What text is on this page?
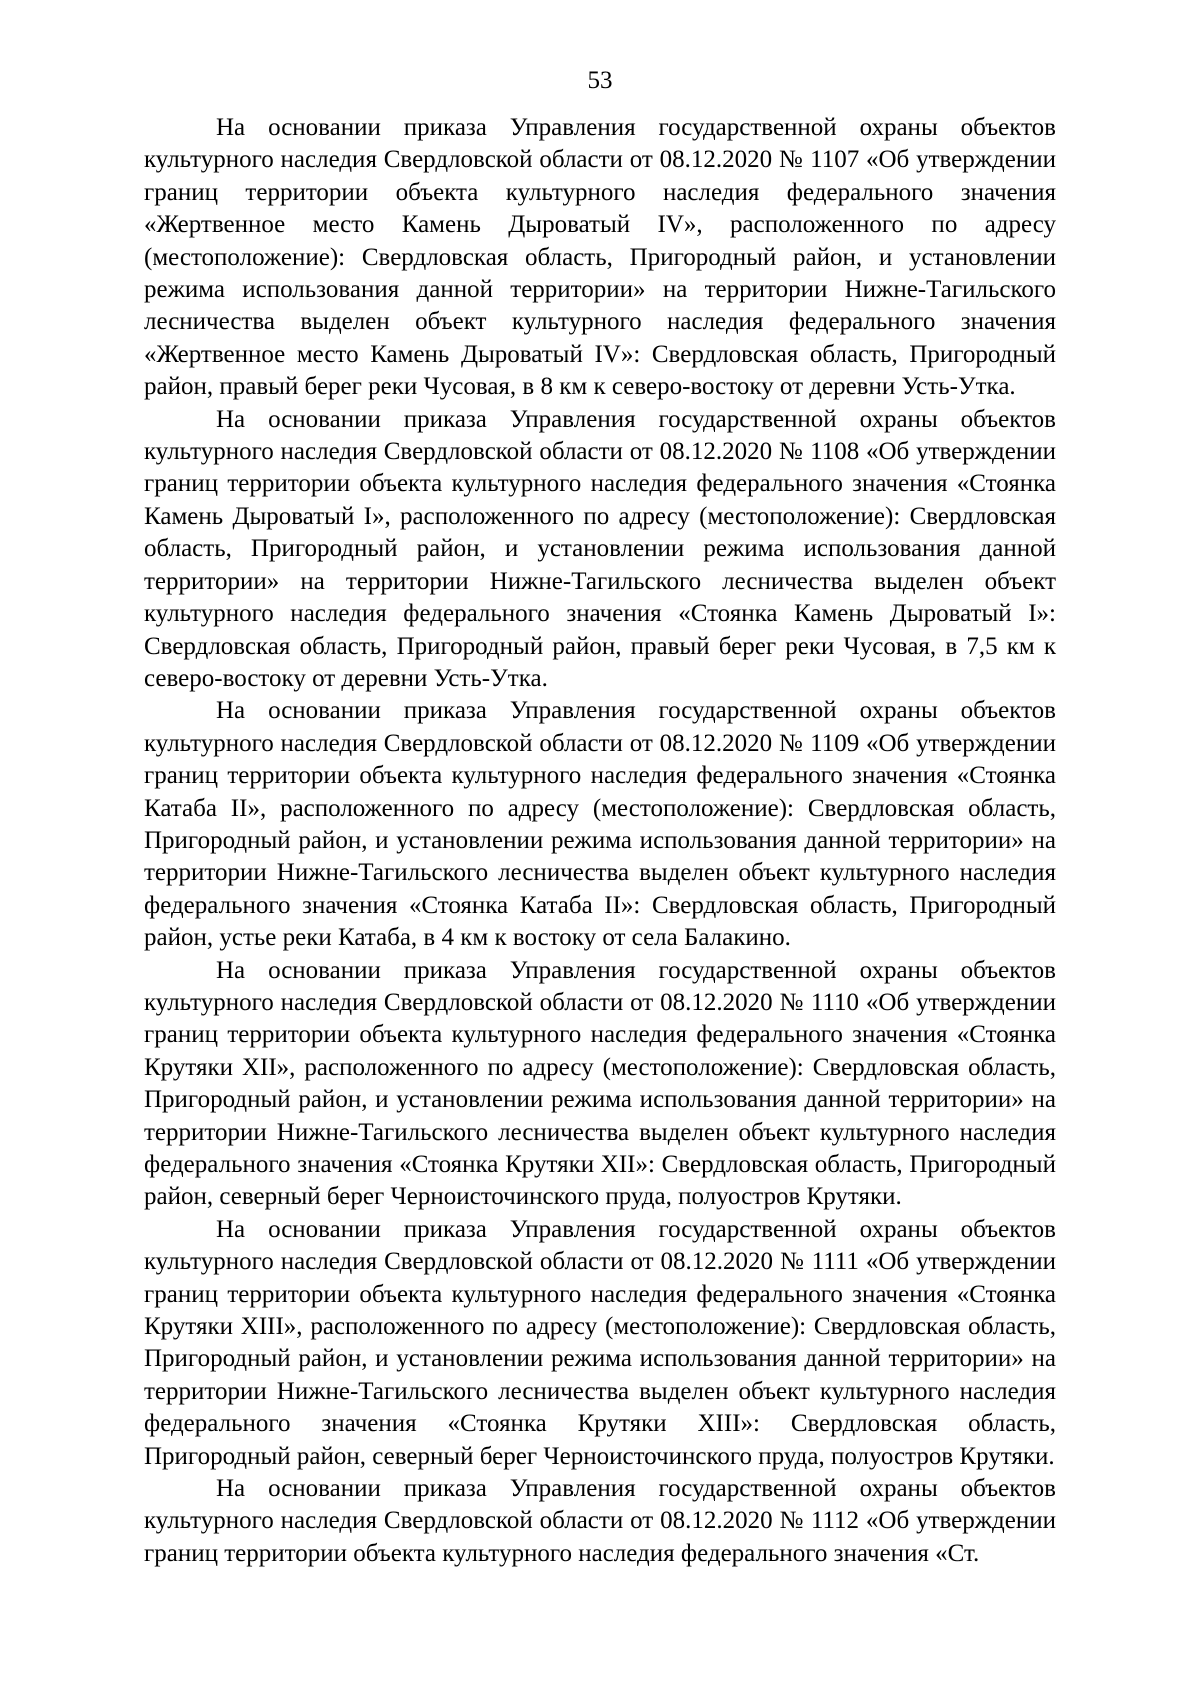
53

На основании приказа Управления государственной охраны объектов культурного наследия Свердловской области от 08.12.2020 № 1107 «Об утверждении границ территории объекта культурного наследия федерального значения «Жертвенное место Камень Дыроватый IV», расположенного по адресу (местоположение): Свердловская область, Пригородный район, и установлении режима использования данной территории» на территории Нижне-Тагильского лесничества выделен объект культурного наследия федерального значения «Жертвенное место Камень Дыроватый IV»: Свердловская область, Пригородный район, правый берег реки Чусовая, в 8 км к северо-востоку от деревни Усть-Утка.

На основании приказа Управления государственной охраны объектов культурного наследия Свердловской области от 08.12.2020 № 1108 «Об утверждении границ территории объекта культурного наследия федерального значения «Стоянка Камень Дыроватый I», расположенного по адресу (местоположение): Свердловская область, Пригородный район, и установлении режима использования данной территории» на территории Нижне-Тагильского лесничества выделен объект культурного наследия федерального значения «Стоянка Камень Дыроватый I»: Свердловская область, Пригородный район, правый берег реки Чусовая, в 7,5 км к северо-востоку от деревни Усть-Утка.

На основании приказа Управления государственной охраны объектов культурного наследия Свердловской области от 08.12.2020 № 1109 «Об утверждении границ территории объекта культурного наследия федерального значения «Стоянка Катаба II», расположенного по адресу (местоположение): Свердловская область, Пригородный район, и установлении режима использования данной территории» на территории Нижне-Тагильского лесничества выделен объект культурного наследия федерального значения «Стоянка Катаба II»: Свердловская область, Пригородный район, устье реки Катаба, в 4 км к востоку от села Балакино.

На основании приказа Управления государственной охраны объектов культурного наследия Свердловской области от 08.12.2020 № 1110 «Об утверждении границ территории объекта культурного наследия федерального значения «Стоянка Крутяки XII», расположенного по адресу (местоположение): Свердловская область, Пригородный район, и установлении режима использования данной территории» на территории Нижне-Тагильского лесничества выделен объект культурного наследия федерального значения «Стоянка Крутяки XII»: Свердловская область, Пригородный район, северный берег Черноисточинского пруда, полуостров Крутяки.

На основании приказа Управления государственной охраны объектов культурного наследия Свердловской области от 08.12.2020 № 1111 «Об утверждении границ территории объекта культурного наследия федерального значения «Стоянка Крутяки XIII», расположенного по адресу (местоположение): Свердловская область, Пригородный район, и установлении режима использования данной территории» на территории Нижне-Тагильского лесничества выделен объект культурного наследия федерального значения «Стоянка Крутяки XIII»: Свердловская область, Пригородный район, северный берег Черноисточинского пруда, полуостров Крутяки.

На основании приказа Управления государственной охраны объектов культурного наследия Свердловской области от 08.12.2020 № 1112 «Об утверждении границ территории объекта культурного наследия федерального значения «Ст.
